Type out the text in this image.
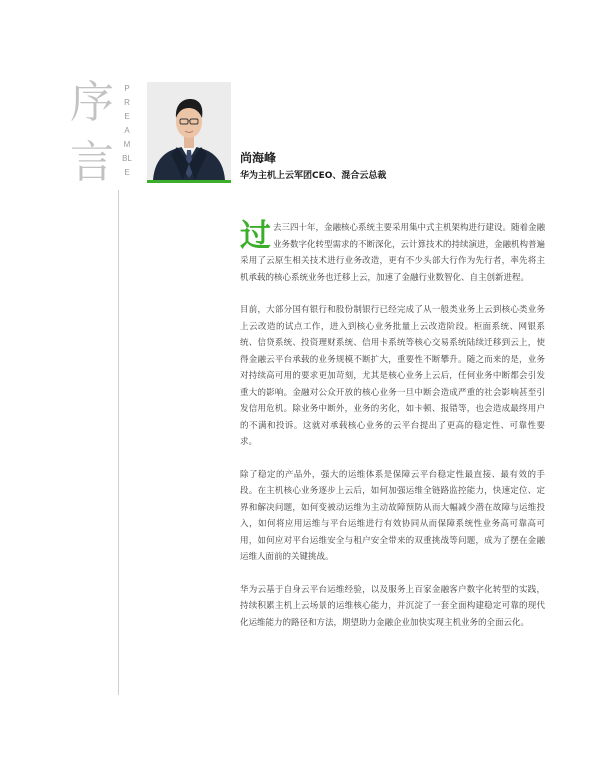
序
言
PREAMBLE

尚海峰

华为主机上云军团CEO、混合云总裁

过去三四十年，金融核心系统主要采用集中式主机架构进行建设。随着金融业务数字化转型需求的不断深化，云计算技术的持续演进，金融机构普遍采用了云原生相关技术进行业务改造，更有不少头部大行作为先行者，率先将主机承载的核心系统业务也迁移上云，加速了金融行业数智化、自主创新进程。

目前，大部分国有银行和股份制银行已经完成了从一般类业务上云到核心类业务上云改造的试点工作，进入到核心业务批量上云改造阶段。柜面系统、网银系统、信贷系统、投资理财系统、信用卡系统等核心交易系统陆续迁移到云上，使得金融云平台承载的业务规模不断扩大，重要性不断攀升。随之而来的是，业务对持续高可用的要求更加苛刻，尤其是核心业务上云后，任何业务中断都会引发重大的影响。金融对公众开放的核心业务一旦中断会造成严重的社会影响甚至引发信用危机。除业务中断外，业务的劣化，如卡顿、报错等，也会造成最终用户的不满和投诉。这就对承载核心业务的云平台提出了更高的稳定性、可靠性要求。

除了稳定的产品外，强大的运维体系是保障云平台稳定性最直接、最有效的手段。在主机核心业务逐步上云后，如何加强运维全链路监控能力，快速定位、定界和解决问题，如何变被动运维为主动故障预防从而大幅减少潜在故障与运维投入，如何将应用运维与平台运维进行有效协同从而保障系统性业务高可靠高可用，如何应对平台运维安全与租户安全带来的双重挑战等问题，成为了摆在金融运维人面前的关键挑战。

华为云基于自身云平台运维经验，以及服务上百家金融客户数字化转型的实践，持续积累主机上云场景的运维核心能力，并沉淀了一套全面构建稳定可靠的现代化运维能力的路径和方法，期望助力金融企业加快实现主机业务的全面云化。
